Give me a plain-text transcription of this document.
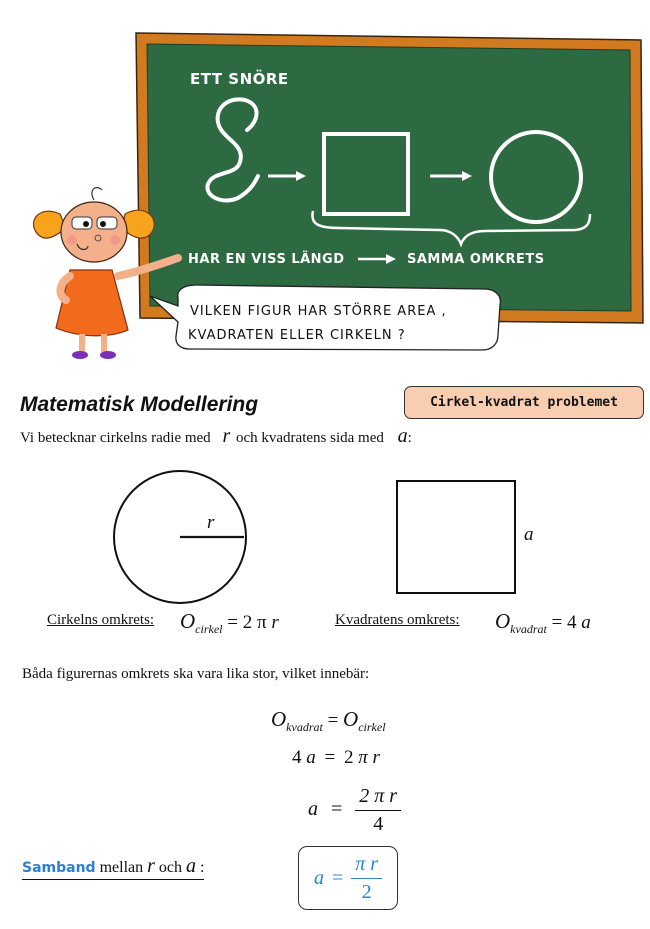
ETT SNÖRE
HAR EN VISS LÄNGD	SAMMA OMKRETS
VILKEN FIGUR HAR STÖRRE AREA ,
KVADRATEN ELLER CIRKELN ?
Matematisk Modellering	Cirkel-kvadrat problemet
Vi betecknar cirkelns radie med r och kvadratens sida med a:
r
a
Cirkelns omkrets: $O_{cirkel} = 2$ π r	Kvadratens omkrets: $O_{kvadrat} = 4$ a
Båda figurernas omkrets ska vara lika stor, vilket innebär:
$O_{kvadrat} = O_{cirkel}$
4 a = 2 π r
$a = \frac{\text{2 π r}}{4}$
Samband mellan r och a :	$a = \frac{\text{π r}}{2}$
